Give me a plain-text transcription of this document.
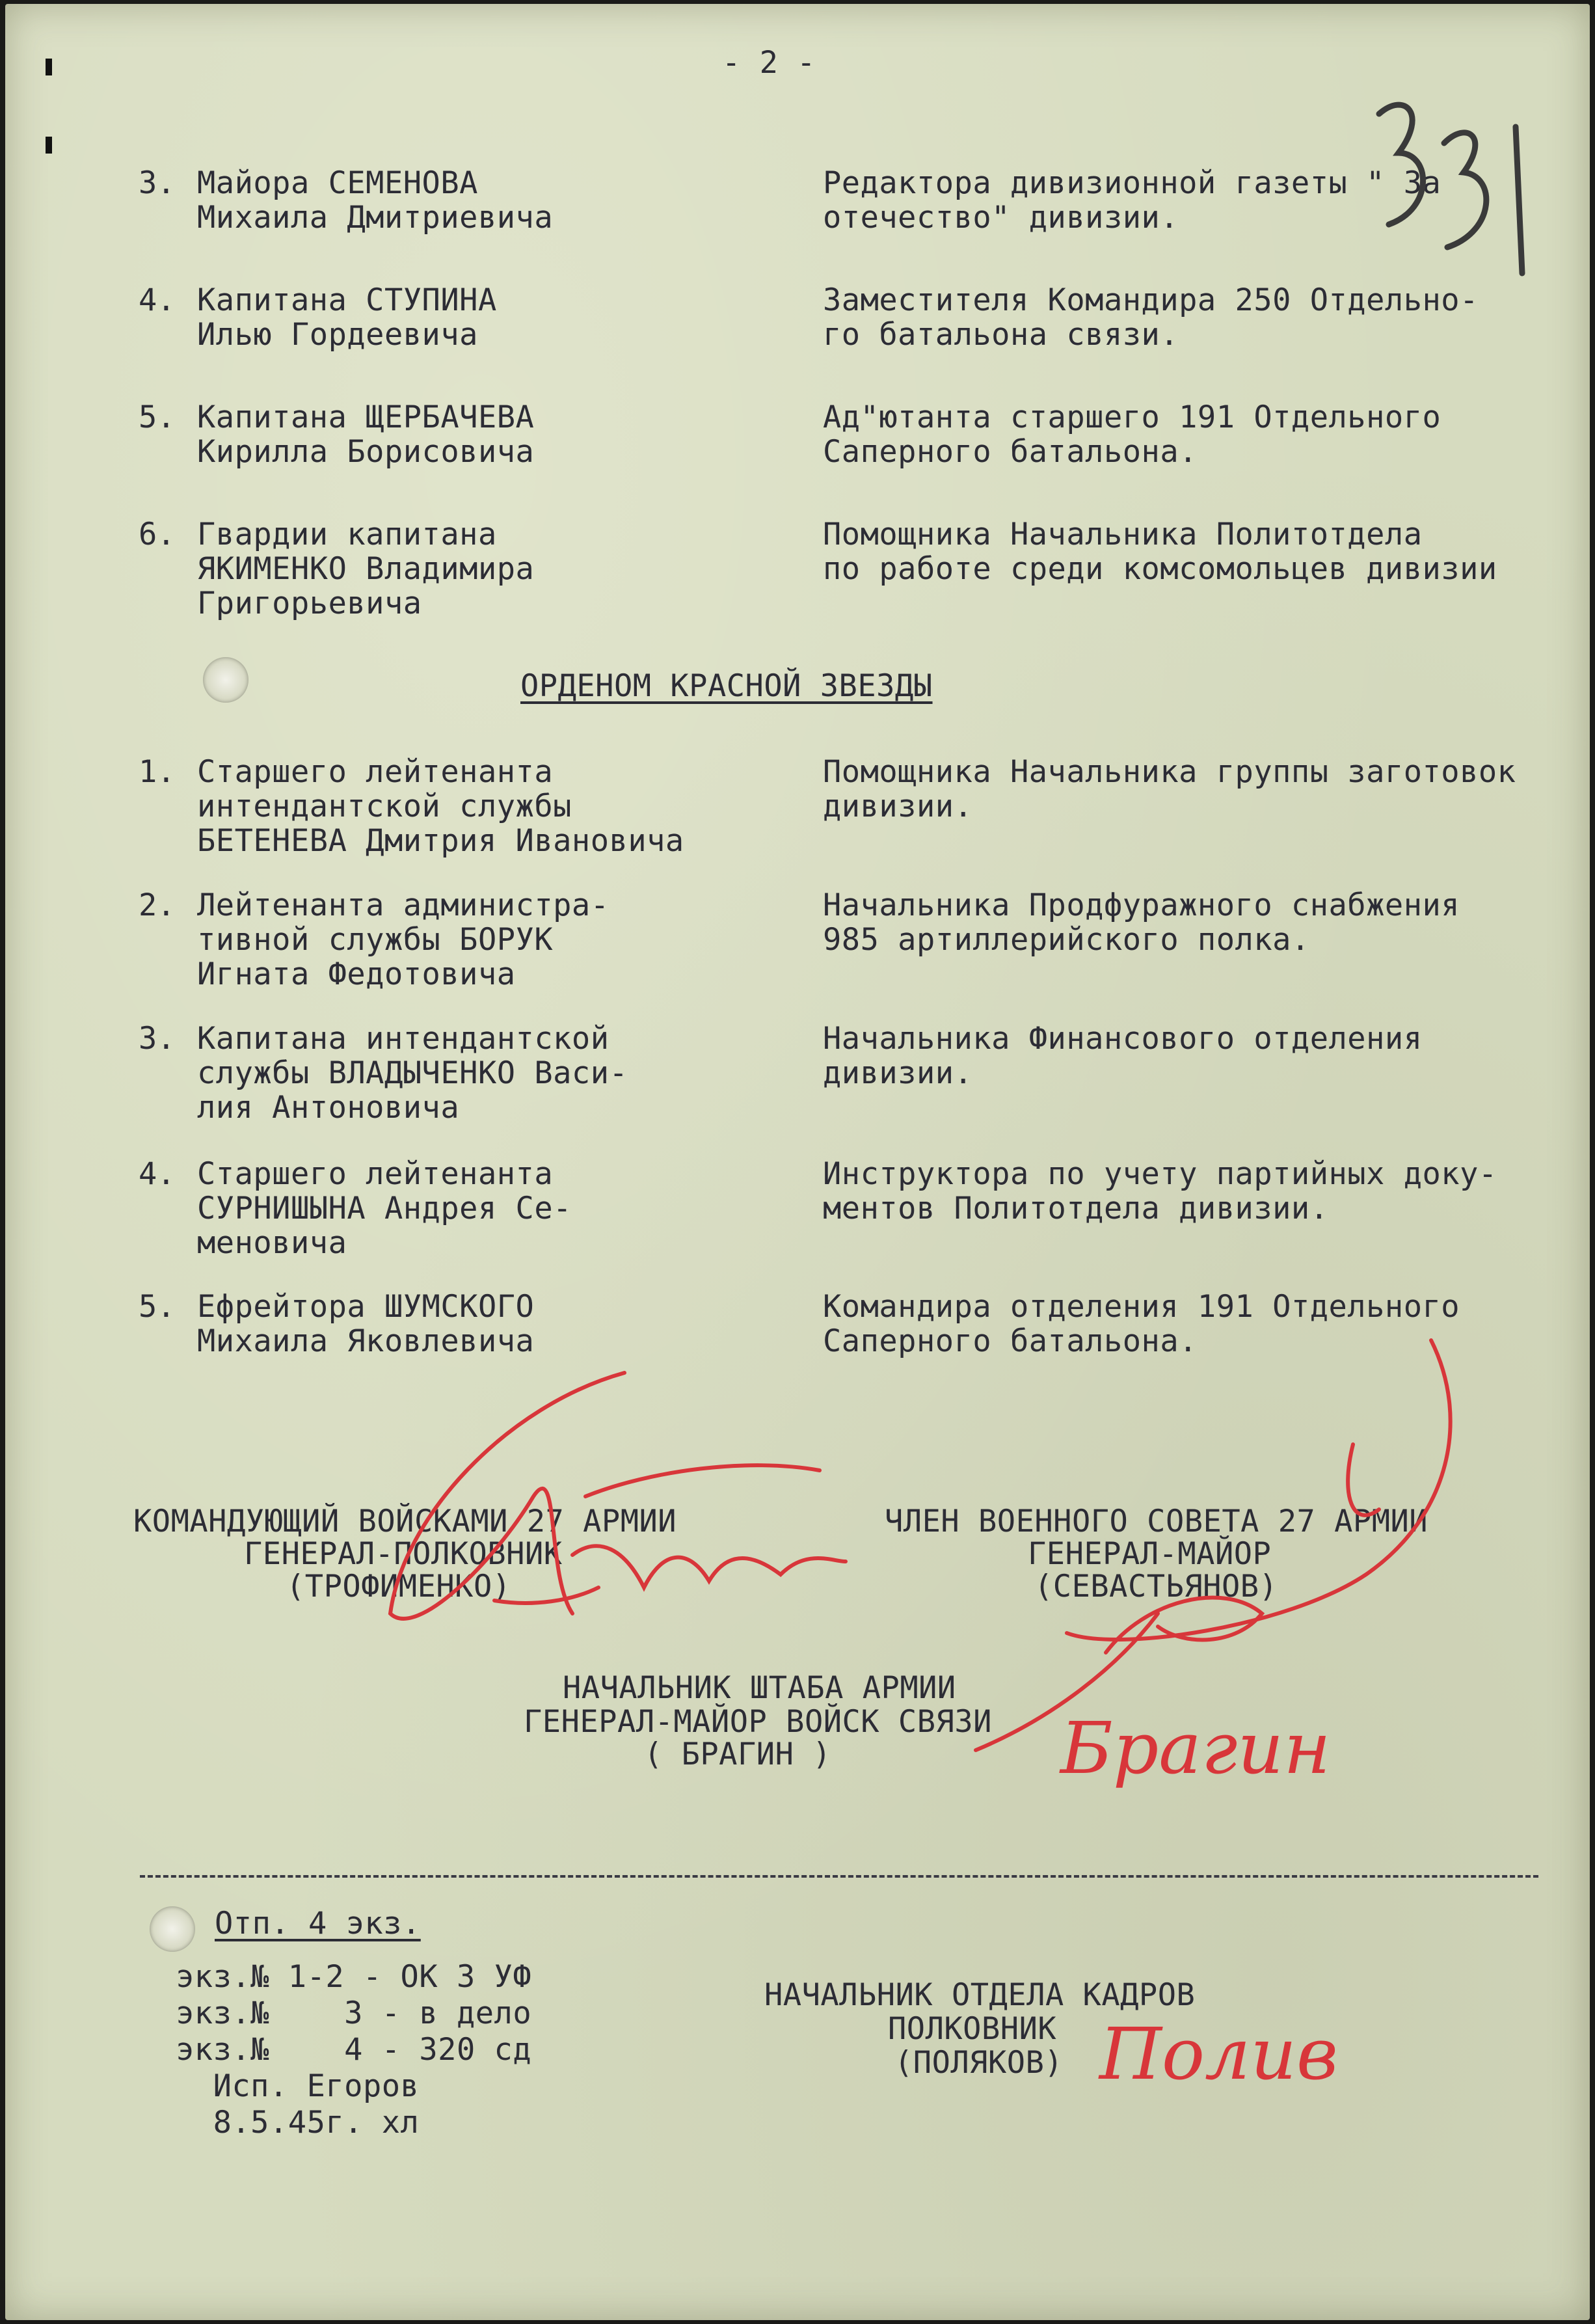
- 2 -
3. Майора СЕМЕНОВА
Михаила Дмитриевича
Редактора дивизионной газеты " За
отечество" дивизии.
4. Капитана СТУПИНА
Илью Гордеевича
Заместителя Командира 250 Отдельно-
го батальона связи.
5. Капитана ЩЕРБАЧЕВА
Кирилла Борисовича
Ад"ютанта старшего 191 Отдельного
Саперного батальона.
6. Гвардии капитана
ЯКИМЕНКО Владимира
Григорьевича
Помощника Начальника Политотдела
по работе среди комсомольцев дивизии
ОРДЕНОМ КРАСНОЙ ЗВЕЗДЫ
1. Старшего лейтенанта
интендантской службы
БЕТЕНЕВА Дмитрия Ивановича
Помощника Начальника группы заготовок
дивизии.
2. Лейтенанта администра-
тивной службы БОРУК
Игната Федотовича
Начальника Продфуражного снабжения
985 артиллерийского полка.
3. Капитана интендантской
службы ВЛАДЫЧЕНКО Васи-
лия Антоновича
Начальника Финансового отделения
дивизии.
4. Старшего лейтенанта
СУРНИШЫНА Андрея Се-
меновича
Инструктора по учету партийных доку-
ментов Политотдела дивизии.
5. Ефрейтора ШУМСКОГО
Михаила Яковлевича
Командира отделения 191 Отдельного
Саперного батальона.
КОМАНДУЮЩИЙ ВОЙСКАМИ 27 АРМИИ
ГЕНЕРАЛ-ПОЛКОВНИК
(ТРОФИМЕНКО)
ЧЛЕН ВОЕННОГО СОВЕТА 27 АРМИИ
ГЕНЕРАЛ-МАЙОР
(СЕВАСТЬЯНОВ)
НАЧАЛЬНИК ШТАБА АРМИИ
ГЕНЕРАЛ-МАЙОР ВОЙСК СВЯЗИ
( БРАГИН )
Отп. 4 экз.
экз.№ 1-2 - ОК 3 УФ
экз.№    3 - в дело
экз.№    4 - 320 сд
Исп. Егоров
8.5.45г. хл
НАЧАЛЬНИК ОТДЕЛА КАДРОВ
ПОЛКОВНИК
(ПОЛЯКОВ)
Брагин
Полив
